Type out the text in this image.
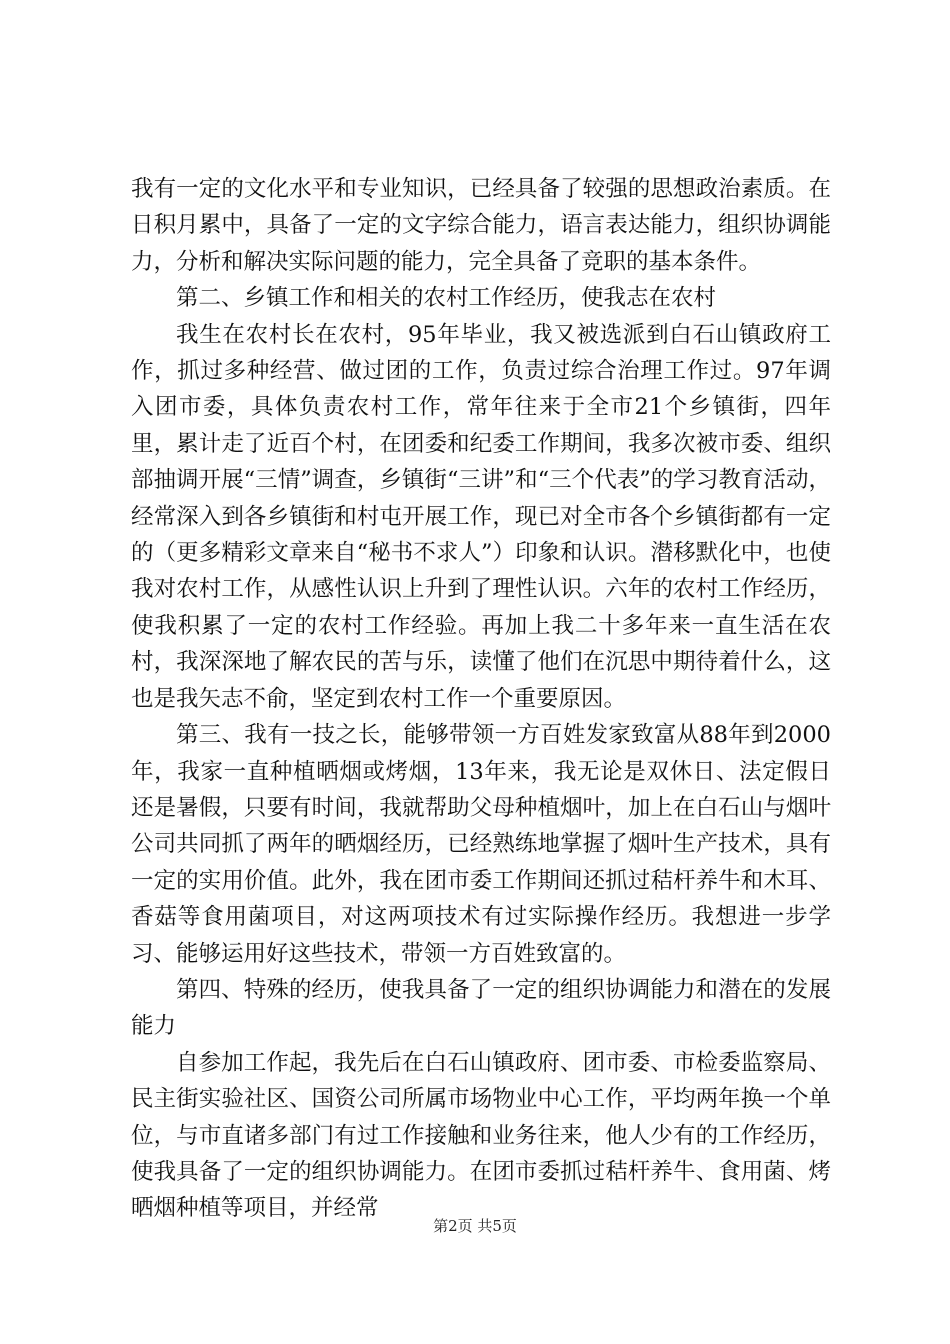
我有一定的文化水平和专业知识，已经具备了较强的思想政治素质。在日积月累中，具备了一定的文字综合能力，语言表达能力，组织协调能力，分析和解决实际问题的能力，完全具备了竞职的基本条件。

第二、乡镇工作和相关的农村工作经历，使我志在农村

我生在农村长在农村，95年毕业，我又被选派到白石山镇政府工作，抓过多种经营、做过团的工作，负责过综合治理工作过。97年调入团市委，具体负责农村工作，常年往来于全市21个乡镇街，四年里，累计走了近百个村，在团委和纪委工作期间，我多次被市委、组织部抽调开展“三情”调查，乡镇街“三讲”和“三个代表”的学习教育活动，经常深入到各乡镇街和村屯开展工作，现已对全市各个乡镇街都有一定的（更多精彩文章来自“秘书不求人”）印象和认识。潜移默化中，也使我对农村工作，从感性认识上升到了理性认识。六年的农村工作经历，使我积累了一定的农村工作经验。再加上我二十多年来一直生活在农村，我深深地了解农民的苦与乐，读懂了他们在沉思中期待着什么，这也是我矢志不俞，坚定到农村工作一个重要原因。

第三、我有一技之长，能够带领一方百姓发家致富从88年到2000年，我家一直种植晒烟或烤烟，13年来，我无论是双休日、法定假日还是暑假，只要有时间，我就帮助父母种植烟叶，加上在白石山与烟叶公司共同抓了两年的晒烟经历，已经熟练地掌握了烟叶生产技术，具有一定的实用价值。此外，我在团市委工作期间还抓过秸杆养牛和木耳、香菇等食用菌项目，对这两项技术有过实际操作经历。我想进一步学习、能够运用好这些技术，带领一方百姓致富的。

第四、特殊的经历，使我具备了一定的组织协调能力和潜在的发展能力

自参加工作起，我先后在白石山镇政府、团市委、市检委监察局、民主街实验社区、国资公司所属市场物业中心工作，平均两年换一个单位，与市直诸多部门有过工作接触和业务往来，他人少有的工作经历，使我具备了一定的组织协调能力。在团市委抓过秸杆养牛、食用菌、烤晒烟种植等项目，并经常

第2页 共5页
